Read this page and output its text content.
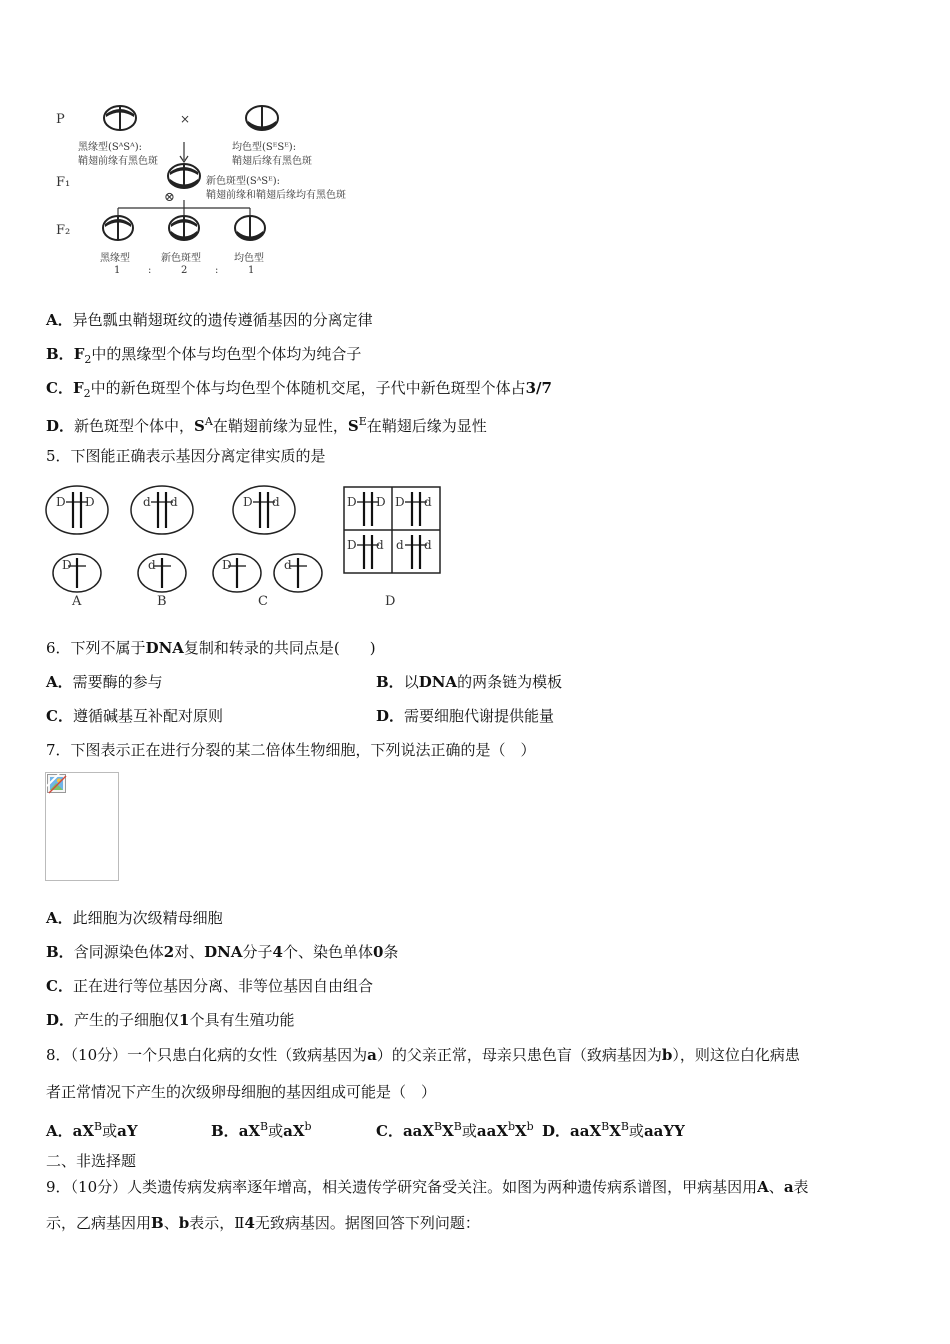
P
F₁
F₂
×
黑缘型(SᴬSᴬ):
鞘翅前缘有黑色斑
均色型(SᴱSᴱ):
鞘翅后缘有黑色斑
新色斑型(SᴬSᴱ):
鞘翅前缘和鞘翅后缘均有黑色斑
⊗
黑缘型	新色斑型	均色型
1	:	2	:	1
A．异色瓢虫鞘翅斑纹的遗传遵循基因的分离定律
B．$F_2$中的黑缘型个体与均色型个体均为纯合子
C．$F_2$中的新色斑型个体与均色型个体随机交尾，子代中新色斑型个体占3/7
D．新色斑型个体中，$S^A$在鞘翅前缘为显性，$S^E$在鞘翅后缘为显性
5．下图能正确表示基因分离定律实质的是
D D
D
d d
d
D d
D	d
D D D d
D d d d
A	B	C	D
6．下列不属于DNA复制和转录的共同点是(　　)
A．需要酶的参与	B．以DNA的两条链为模板
C．遵循碱基互补配对原则	D．需要细胞代谢提供能量
7．下图表示正在进行分裂的某二倍体生物细胞，下列说法正确的是（　）
A．此细胞为次级精母细胞
B．含同源染色体2对、DNA分子4个、染色单体0条
C．正在进行等位基因分离、非等位基因自由组合
D．产生的子细胞仅1个具有生殖功能
8．（10分）一个只患白化病的女性（致病基因为a）的父亲正常，母亲只患色盲（致病基因为b），则这位白化病患
者正常情况下产生的次级卵母细胞的基因组成可能是（　）
A．$aX^B$或aY	B．$aX^B$或$aX^b$	C．$aaX^BX^B$或$aaX^bX^b$ D．$aaX^BX^B$或aaYY
二、非选择题
9．（10分）人类遗传病发病率逐年增高，相关遗传学研究备受关注。如图为两种遗传病系谱图，甲病基因用A、a表
示，乙病基因用B、b表示，Ⅱ4无致病基因。据图回答下列问题：
